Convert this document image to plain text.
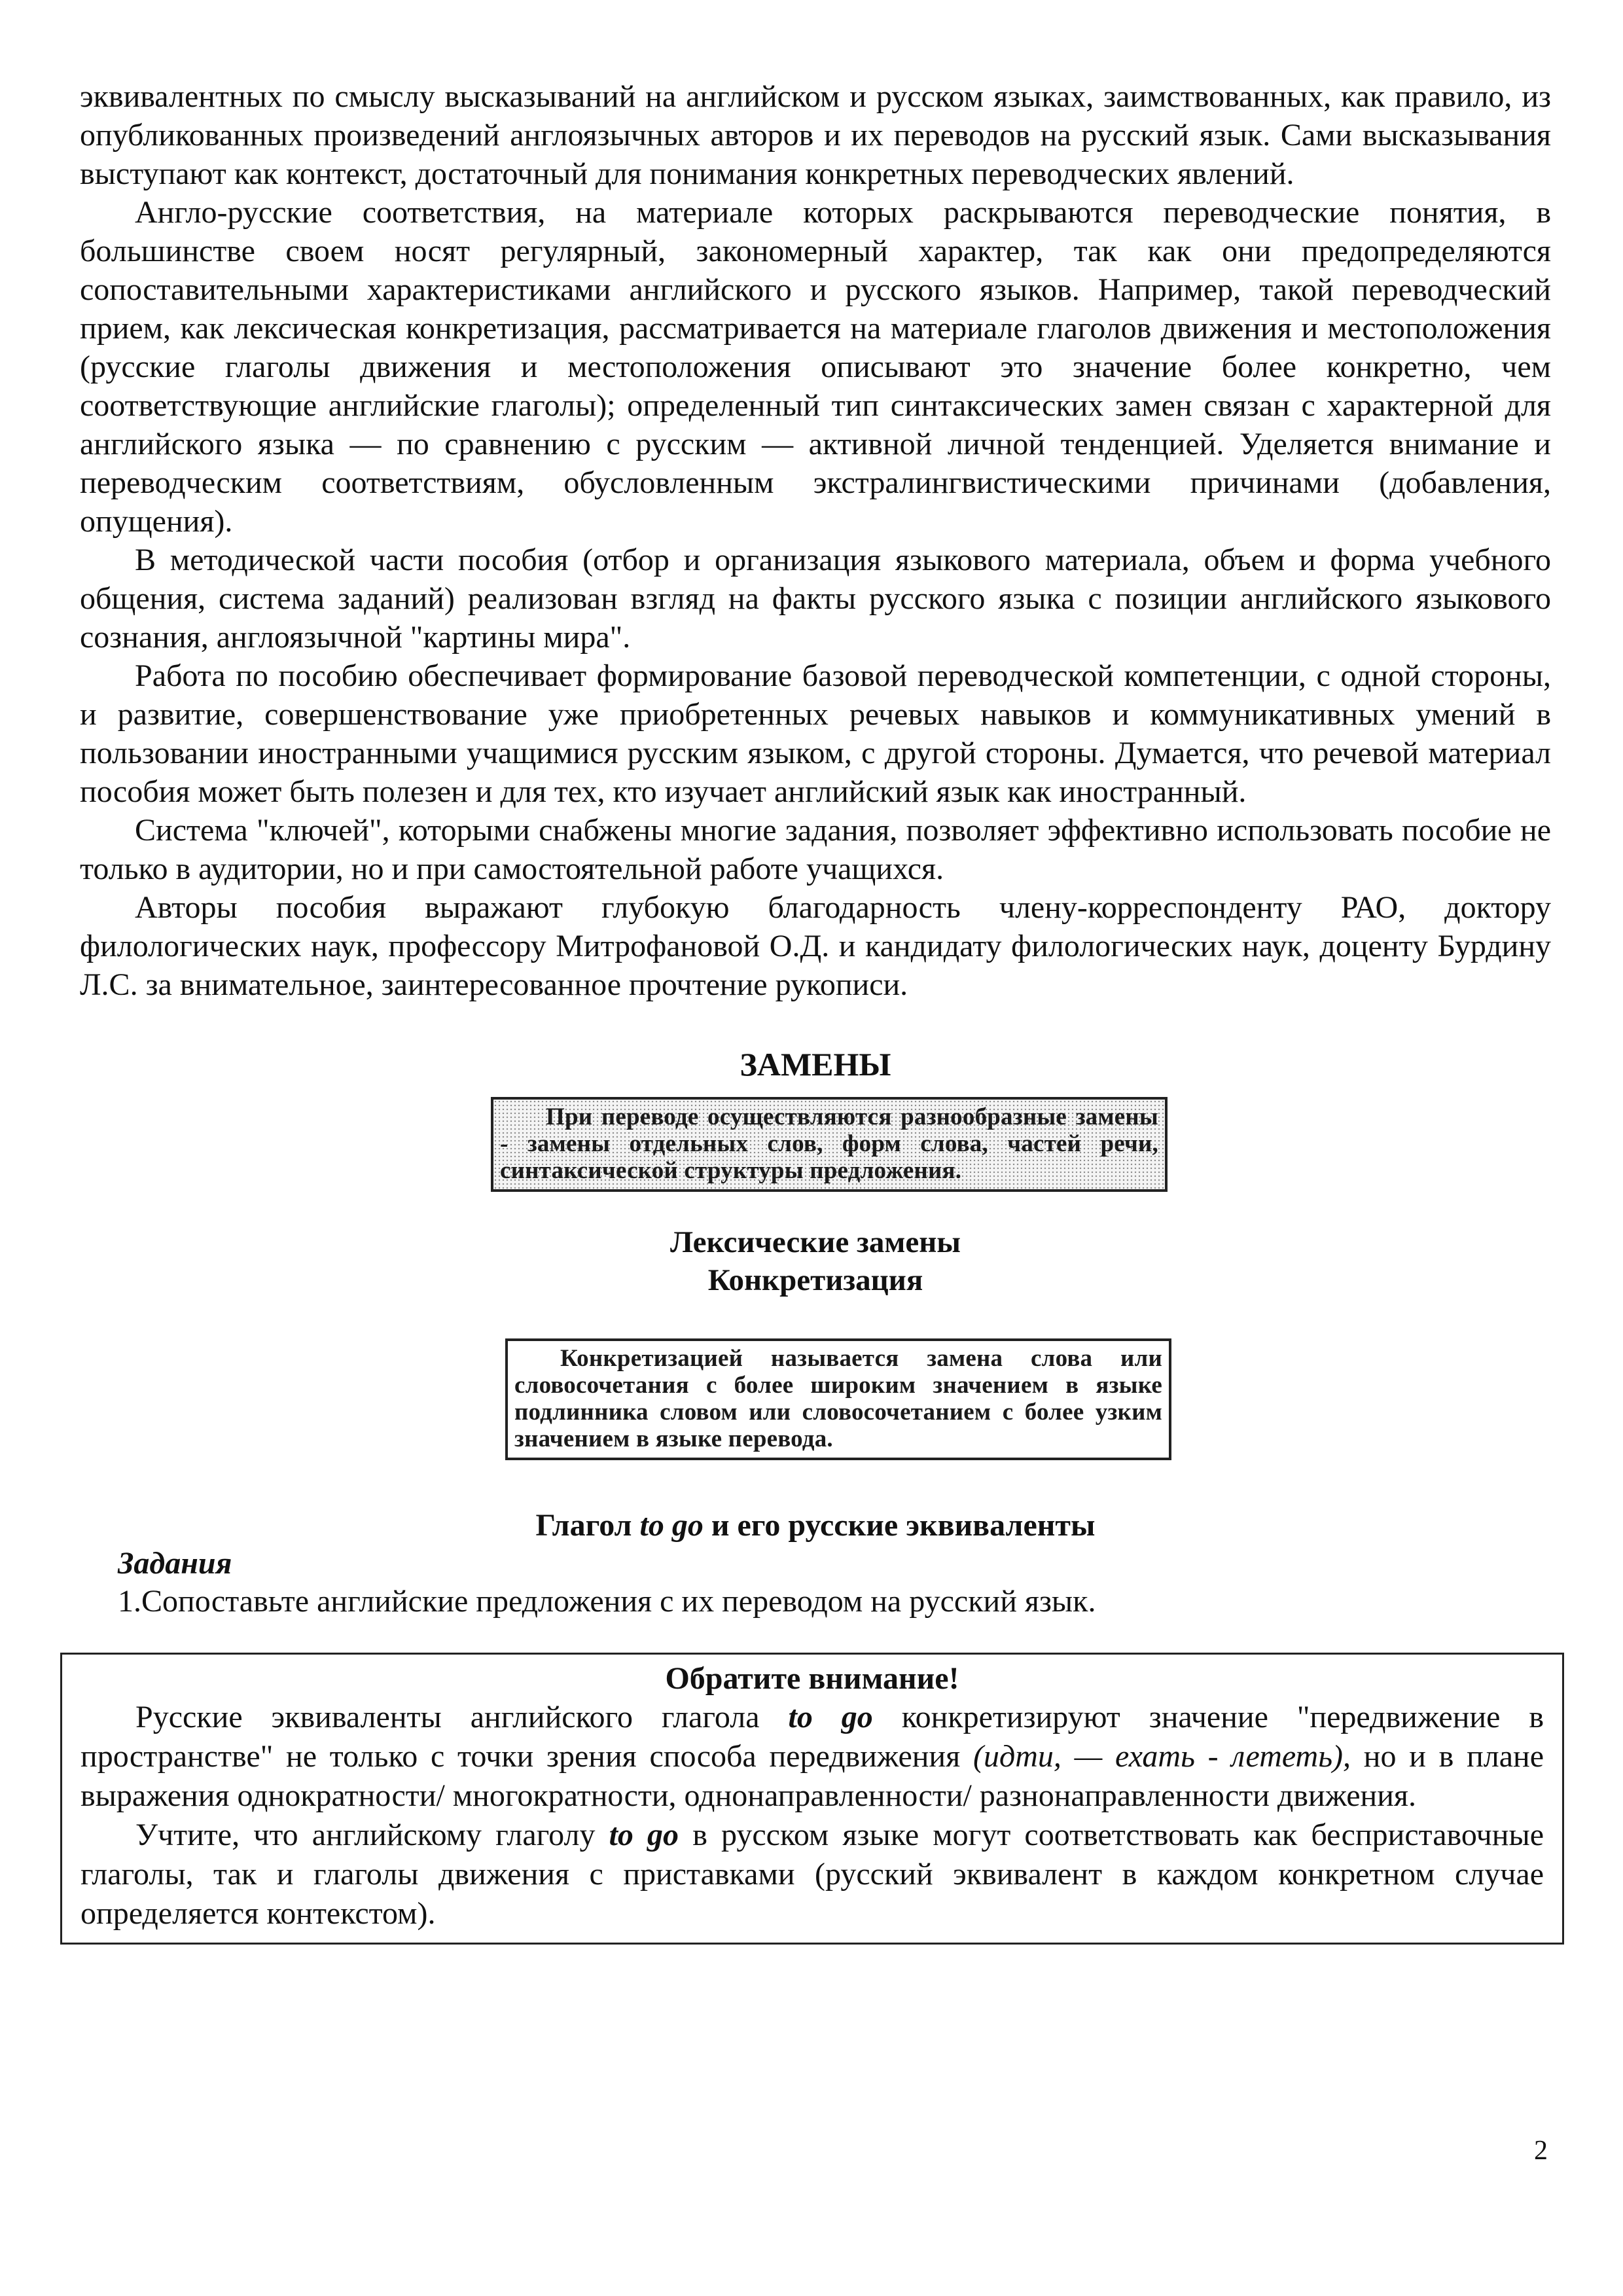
эквивалентных по смыслу высказываний на английском и русском языках, заимствованных, как правило, из опубликованных произведений англоязычных авторов и их переводов на русский язык. Сами высказывания выступают как контекст, достаточный для понимания конкретных переводческих явлений.

Англо-русские соответствия, на материале которых раскрываются переводческие понятия, в большинстве своем носят регулярный, закономерный характер, так как они предопределяются сопоставительными характеристиками английского и русского языков. Например, такой переводческий прием, как лексическая конкретизация, рассматривается на материале глаголов движения и местоположения (русские глаголы движения и местоположения описывают это значение более конкретно, чем соответствующие английские глаголы); определенный тип синтаксических замен связан с характерной для английского языка — по сравнению с русским — активной личной тенденцией. Уделяется внимание и переводческим соответствиям, обусловленным экстралингвистическими причинами (добавления, опущения).

В методической части пособия (отбор и организация языкового материала, объем и форма учебного общения, система заданий) реализован взгляд на факты русского языка с позиции английского языкового сознания, англоязычной "картины мира".

Работа по пособию обеспечивает формирование базовой переводческой компетенции, с одной стороны, и развитие, совершенствование уже приобретенных речевых навыков и коммуникативных умений в пользовании иностранными учащимися русским языком, с другой стороны. Думается, что речевой материал пособия может быть полезен и для тех, кто изучает английский язык как иностранный.

Система "ключей", которыми снабжены многие задания, позволяет эффективно использовать пособие не только в аудитории, но и при самостоятельной работе учащихся.

Авторы пособия выражают глубокую благодарность члену-корреспонденту РАО, доктору филологических наук, профессору Митрофановой О.Д. и кандидату филологических наук, доценту Бурдину Л.С. за внимательное, заинтересованное прочтение рукописи.

ЗАМЕНЫ
При переводе осуществляются разнообразные замены - замены отдельных слов, форм слова, частей речи, синтаксической структуры предложения.
Лексические замены
Конкретизация
Конкретизацией называется замена слова или словосочетания с более широким значением в языке подлинника словом или словосочетанием с более узким значением в языке перевода.
Глагол to go и его русские эквиваленты
Задания
1.Сопоставьте английские предложения с их переводом на русский язык.
Обратите внимание!

Русские эквиваленты английского глагола to go конкретизируют значение "передвижение в пространстве" не только с точки зрения способа передвижения (идти, — ехать - лететь), но и в плане выражения однократности/ многократности, однонаправленности/ разнонаправленности движения.

Учтите, что английскому глаголу to go в русском языке могут соответствовать как бесприставочные глаголы, так и глаголы движения с приставками (русский эквивалент в каждом конкретном случае определяется контекстом).

2
